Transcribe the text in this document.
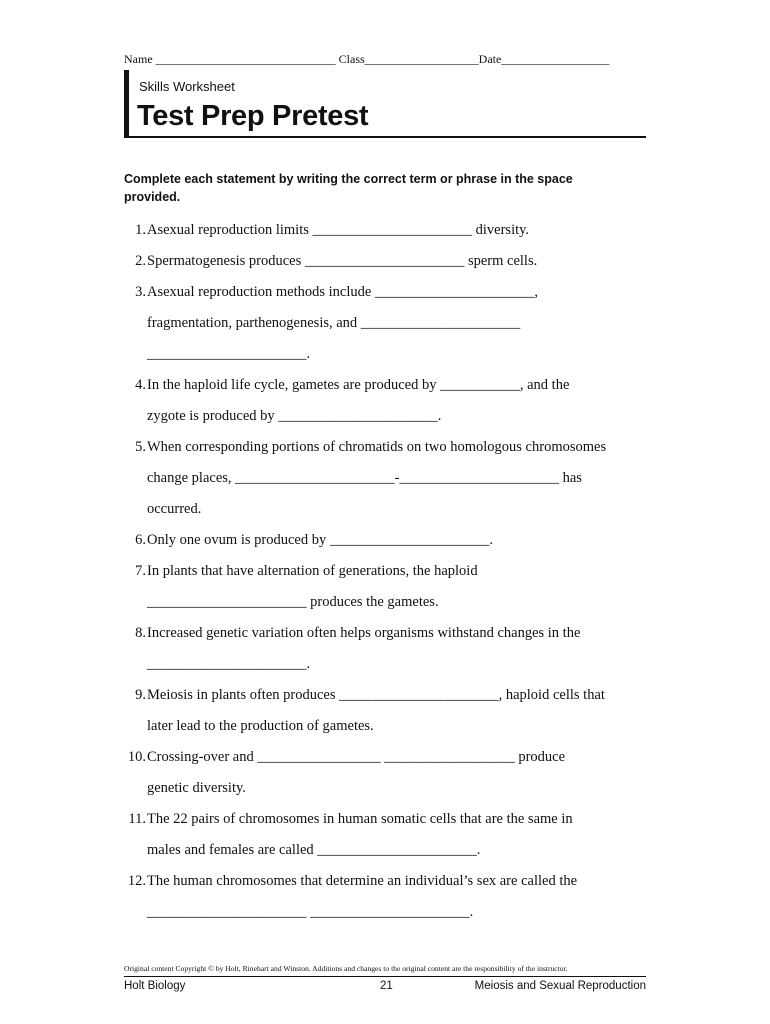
Name ______________________________ Class___________________Date__________________
Skills Worksheet
Test Prep Pretest
Complete each statement by writing the correct term or phrase in the space provided.
1. Asexual reproduction limits ______________________ diversity.
2. Spermatogenesis produces ______________________ sperm cells.
3. Asexual reproduction methods include ______________________,
fragmentation, parthenogenesis, and ______________________
______________________.
4. In the haploid life cycle, gametes are produced by ___________, and the
zygote is produced by ______________________.
5. When corresponding portions of chromatids on two homologous chromosomes
change places, ______________________-______________________ has
occurred.
6. Only one ovum is produced by ______________________.
7. In plants that have alternation of generations, the haploid
______________________ produces the gametes.
8. Increased genetic variation often helps organisms withstand changes in the
______________________.
9. Meiosis in plants often produces ______________________, haploid cells that
later lead to the production of gametes.
10. Crossing-over and _________________ __________________ produce
genetic diversity.
11. The 22 pairs of chromosomes in human somatic cells that are the same in
males and females are called ______________________.
12. The human chromosomes that determine an individual’s sex are called the
______________________ ______________________.
Original content Copyright © by Holt, Rinehart and Winston. Additions and changes to the original content are the responsibility of the instructor.
Holt Biology	21	Meiosis and Sexual Reproduction
